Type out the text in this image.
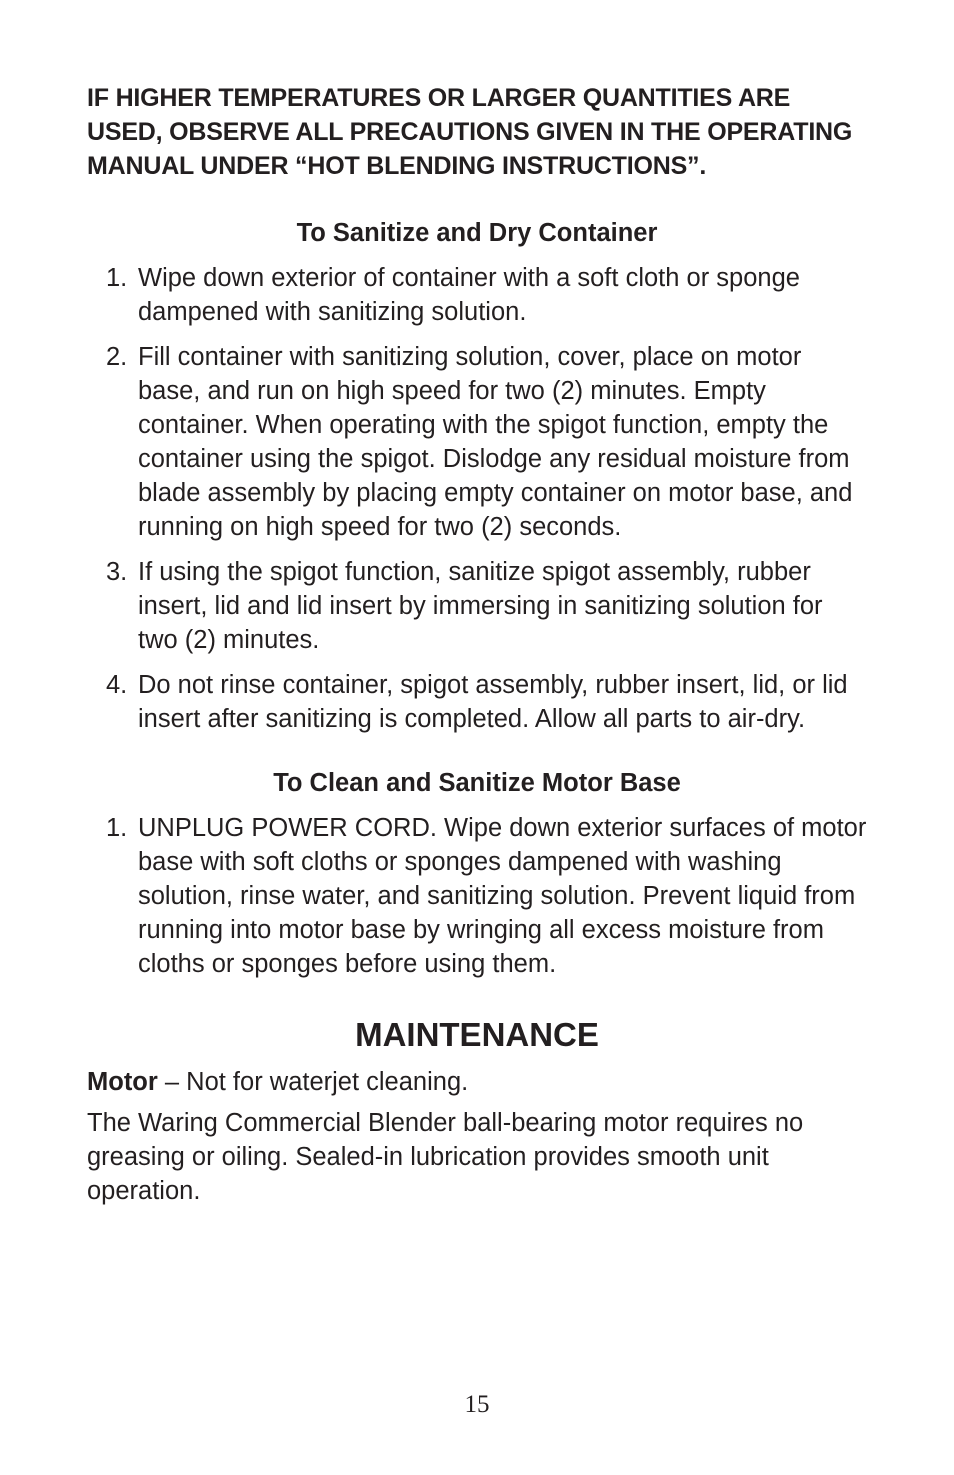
IF HIGHER TEMPERATURES OR LARGER QUANTITIES ARE USED, OBSERVE ALL PRECAUTIONS GIVEN IN THE OPERATING MANUAL UNDER “HOT BLENDING INSTRUCTIONS”.

To Sanitize and Dry Container
1. Wipe down exterior of container with a soft cloth or sponge dampened with sanitizing solution.
2. Fill container with sanitizing solution, cover, place on motor base, and run on high speed for two (2) minutes. Empty container. When operating with the spigot function, empty the container using the spigot. Dislodge any residual moisture from blade assembly by placing empty container on motor base, and running on high speed for two (2) seconds.
3. If using the spigot function, sanitize spigot assembly, rubber insert, lid and lid insert by immersing in sanitizing solution for two (2) minutes.
4. Do not rinse container, spigot assembly, rubber insert, lid, or lid insert after sanitizing is completed. Allow all parts to air-dry.
To Clean and Sanitize Motor Base
1. UNPLUG POWER CORD. Wipe down exterior surfaces of motor base with soft cloths or sponges dampened with washing solution, rinse water, and sanitizing solution. Prevent liquid from running into motor base by wringing all excess moisture from cloths or sponges before using them.
MAINTENANCE

Motor – Not for waterjet cleaning.

The Waring Commercial Blender ball-bearing motor requires no greasing or oiling. Sealed-in lubrication provides smooth unit operation.

15
